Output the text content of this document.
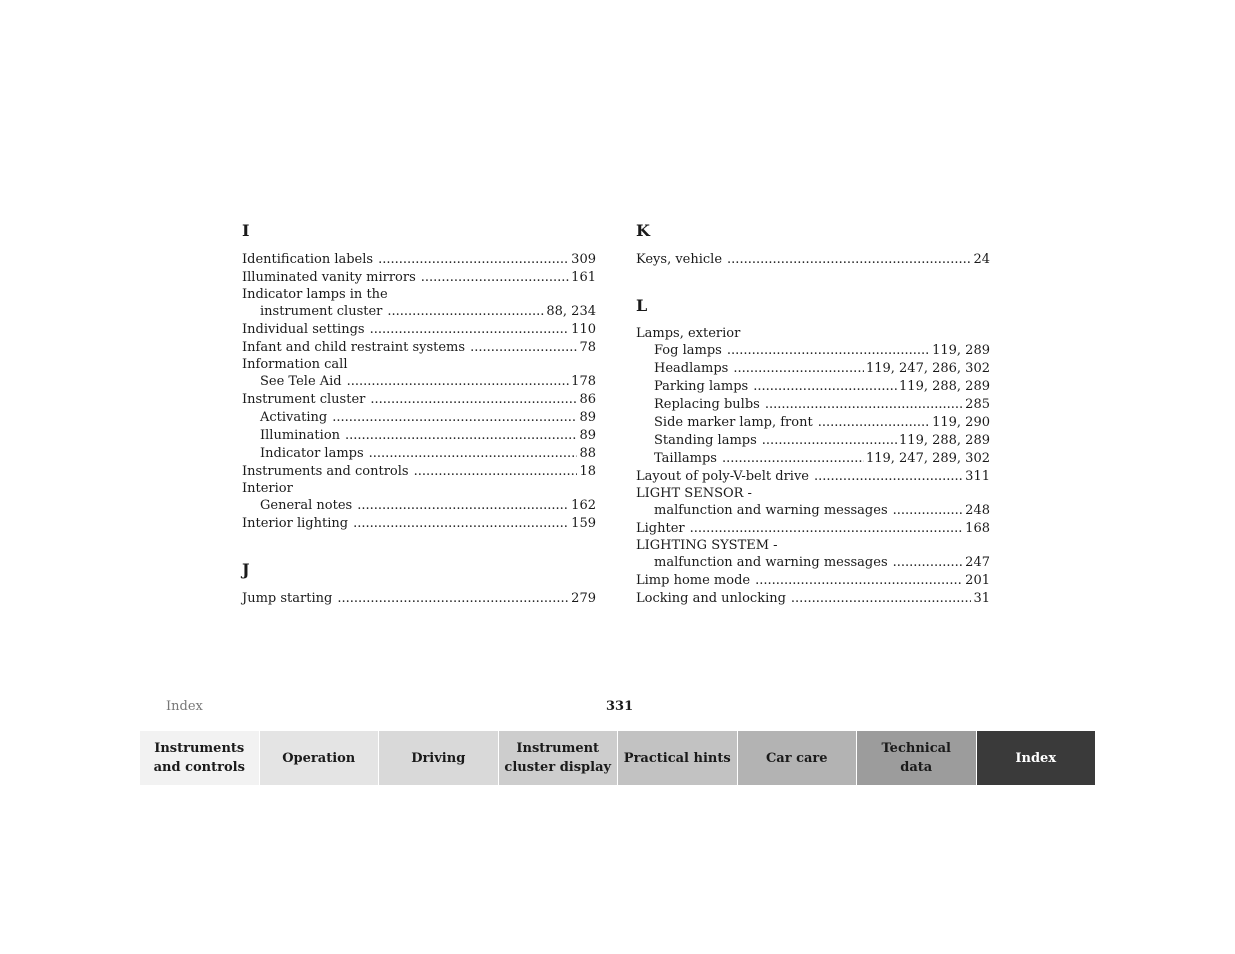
I
Identification labels .....	309
Illuminated vanity mirrors .....	161
Indicator lamps in the
instrument cluster .....	88, 234
Individual settings .....	110
Infant and child restraint systems .....	78
Information call
See Tele Aid .....	178
Instrument cluster .....	86
Activating .....	89
Illumination .....	89
Indicator lamps .....	88
Instruments and controls .....	18
Interior
General notes .....	162
Interior lighting .....	159
J
Jump starting .....	279
K
Keys, vehicle .....	24
L
Lamps, exterior
Fog lamps .....	119, 289
Headlamps .....	119, 247, 286, 302
Parking lamps .....	119, 288, 289
Replacing bulbs .....	285
Side marker lamp, front .....	119, 290
Standing lamps .....	119, 288, 289
Taillamps .....	119, 247, 289, 302
Layout of poly-V-belt drive .....	311
LIGHT SENSOR -
malfunction and warning messages .....	248
Lighter .....	168
LIGHTING SYSTEM -
malfunction and warning messages .....	247
Limp home mode .....	201
Locking and unlocking .....	31
Index	331
Instruments
and controls
Operation	Driving
Instrument
cluster display
Practical hints	Car care
Technical
data
Index
